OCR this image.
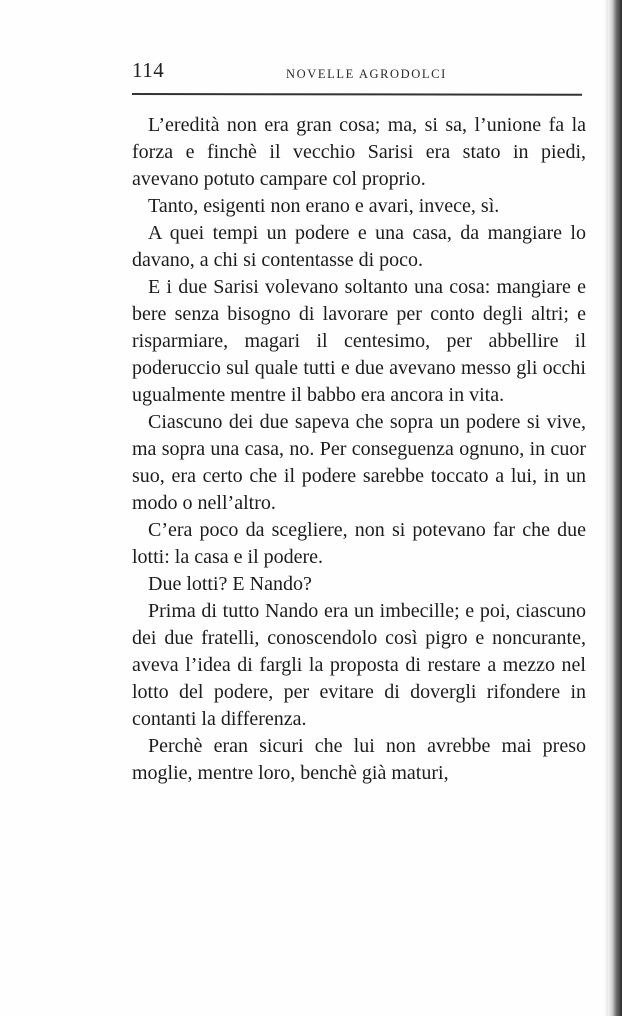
114	NOVELLE AGRODOLCI

L’eredità non era gran cosa; ma, si sa, l’unione fa la forza e finchè il vecchio Sarisi era stato in piedi, avevano potuto campare col proprio.

Tanto, esigenti non erano e avari, invece, sì.

A quei tempi un podere e una casa, da mangiare lo davano, a chi si contentasse di poco.

E i due Sarisi volevano soltanto una cosa: mangiare e bere senza bisogno di lavorare per conto degli altri; e risparmiare, magari il centesimo, per abbellire il poderuccio sul quale tutti e due avevano messo gli occhi ugualmente mentre il babbo era ancora in vita.

Ciascuno dei due sapeva che sopra un podere si vive, ma sopra una casa, no. Per conseguenza ognuno, in cuor suo, era certo che il podere sarebbe toccato a lui, in un modo o nell’altro.

C’era poco da scegliere, non si potevano far che due lotti: la casa e il podere.

Due lotti? E Nando?

Prima di tutto Nando era un imbecille; e poi, ciascuno dei due fratelli, conoscendolo così pigro e noncurante, aveva l’idea di fargli la proposta di restare a mezzo nel lotto del podere, per evitare di dovergli rifondere in contanti la differenza.

Perchè eran sicuri che lui non avrebbe mai preso moglie, mentre loro, benchè già maturi,
